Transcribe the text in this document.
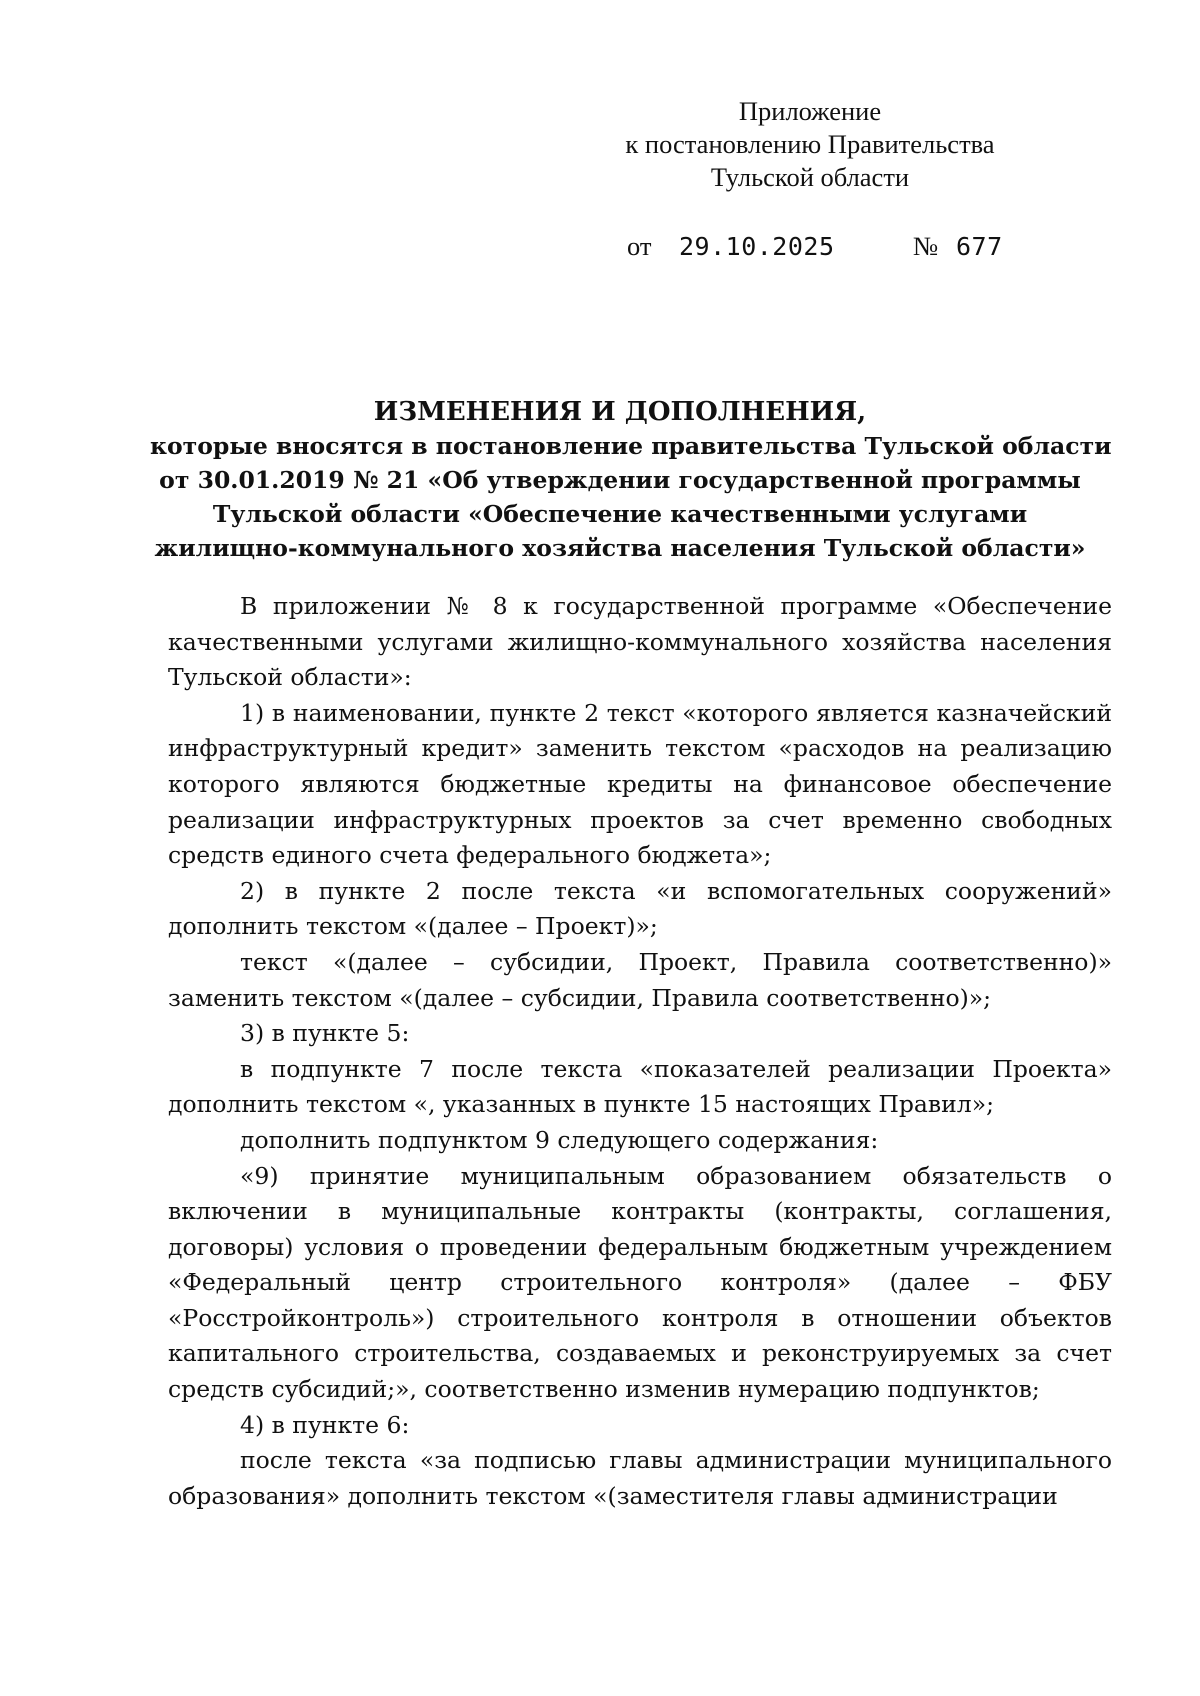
Приложение
к постановлению Правительства
Тульской области
от 29.10.2025	№ 677
ИЗМЕНЕНИЯ И ДОПОЛНЕНИЯ,
которые вносятся в постановление правительства Тульской области
от 30.01.2019 № 21 «Об утверждении государственной программы
Тульской области «Обеспечение качественными услугами
жилищно-коммунального хозяйства населения Тульской области»

В приложении № 8 к государственной программе «Обеспечение качественными услугами жилищно-коммунального хозяйства населения Тульской области»:

1) в наименовании, пункте 2 текст «которого является казначейский инфраструктурный кредит» заменить текстом «расходов на реализацию которого являются бюджетные кредиты на финансовое обеспечение реализации инфраструктурных проектов за счет временно свободных средств единого счета федерального бюджета»;

2) в пункте 2 после текста «и вспомогательных сооружений» дополнить текстом «(далее – Проект)»;

текст «(далее – субсидии, Проект, Правила соответственно)» заменить текстом «(далее – субсидии, Правила соответственно)»;

3) в пункте 5:

в подпункте 7 после текста «показателей реализации Проекта» дополнить текстом «, указанных в пункте 15 настоящих Правил»;

дополнить подпунктом 9 следующего содержания:

«9) принятие муниципальным образованием обязательств о включении в муниципальные контракты (контракты, соглашения, договоры) условия о проведении федеральным бюджетным учреждением «Федеральный центр строительного контроля» (далее – ФБУ «Росстройконтроль») строительного контроля в отношении объектов капитального строительства, создаваемых и реконструируемых за счет средств субсидий;», соответственно изменив нумерацию подпунктов;

4) в пункте 6:

после текста «за подписью главы администрации муниципального образования» дополнить текстом «(заместителя главы администрации
